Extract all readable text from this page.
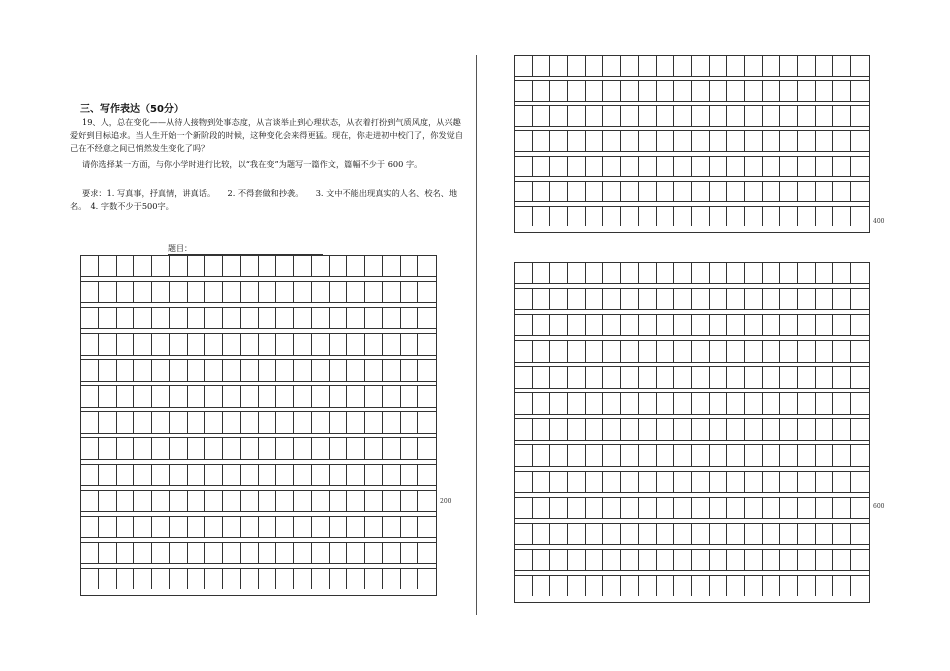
三、写作表达（50分）

19、人，总在变化——从待人接物到处事态度，从言谈举止到心理状态，从衣着打扮到气质风度，从兴趣爱好到目标追求。当人生开始一个新阶段的时候，这种变化会来得更猛。现在，你走进初中校门了，你发觉自己在不经意之间已悄然发生变化了吗？

请你选择某一方面，与你小学时进行比较，以“我在变”为题写一篇作文，篇幅不少于 600 字。

要求：1. 写真事，抒真情，讲真话。　　2. 不得套做和抄袭。　　3. 文中不能出现真实的人名、校名、地名。　4. 字数不少于500字。

题目：
200
400
600
